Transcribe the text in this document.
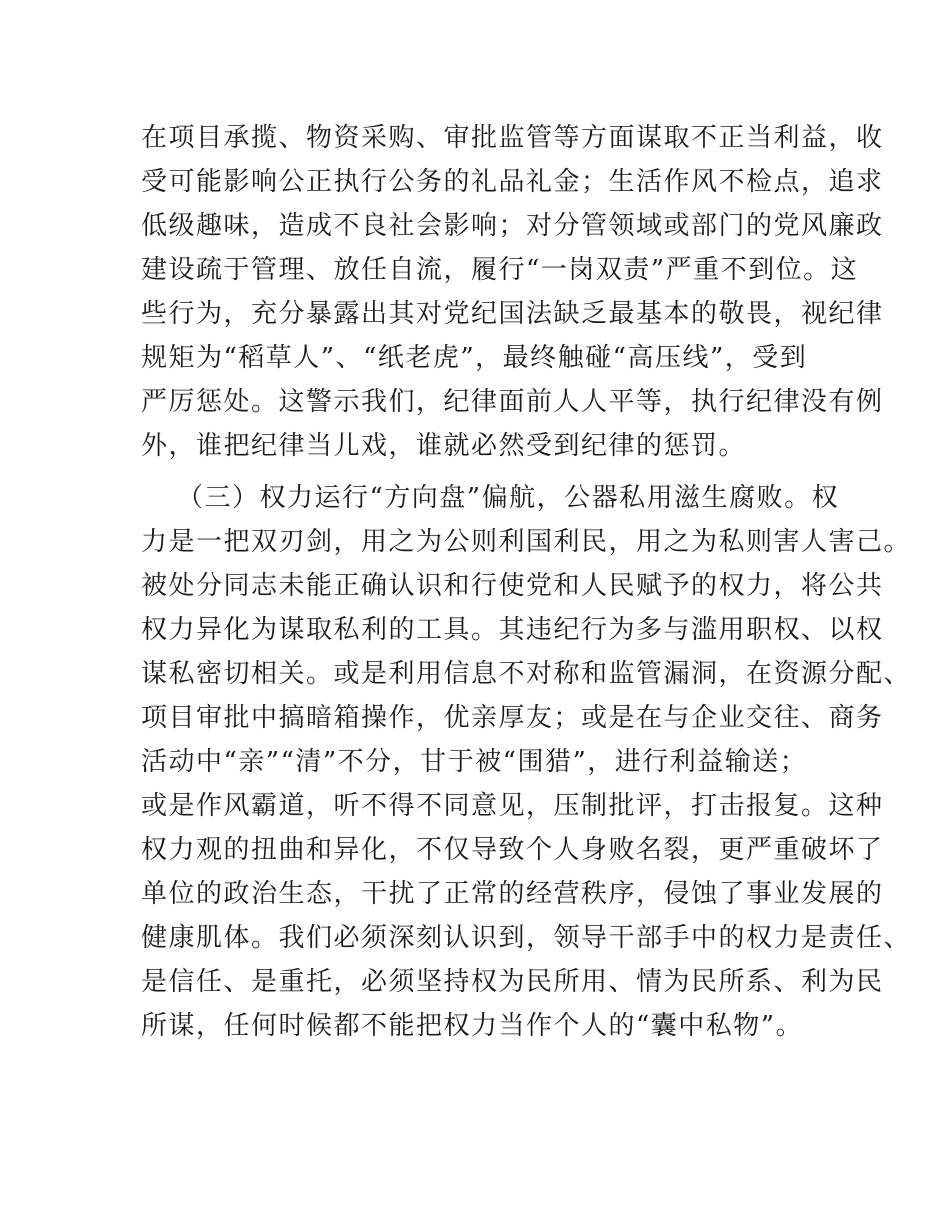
在项目承揽、物资采购、审批监管等方面谋取不正当利益，收
受可能影响公正执行公务的礼品礼金；生活作风不检点，追求
低级趣味，造成不良社会影响；对分管领域或部门的党风廉政
建设疏于管理、放任自流，履行“一岗双责”严重不到位。这
些行为，充分暴露出其对党纪国法缺乏最基本的敬畏，视纪律
规矩为“稻草人”、“纸老虎”，最终触碰“高压线”，受到
严厉惩处。这警示我们，纪律面前人人平等，执行纪律没有例
外，谁把纪律当儿戏，谁就必然受到纪律的惩罚。
（三）权力运行“方向盘”偏航，公器私用滋生腐败。权
力是一把双刃剑，用之为公则利国利民，用之为私则害人害己。
被处分同志未能正确认识和行使党和人民赋予的权力，将公共
权力异化为谋取私利的工具。其违纪行为多与滥用职权、以权
谋私密切相关。或是利用信息不对称和监管漏洞，在资源分配、
项目审批中搞暗箱操作，优亲厚友；或是在与企业交往、商务
活动中“亲”“清”不分，甘于被“围猎”，进行利益输送；
或是作风霸道，听不得不同意见，压制批评，打击报复。这种
权力观的扭曲和异化，不仅导致个人身败名裂，更严重破坏了
单位的政治生态，干扰了正常的经营秩序，侵蚀了事业发展的
健康肌体。我们必须深刻认识到，领导干部手中的权力是责任、
是信任、是重托，必须坚持权为民所用、情为民所系、利为民
所谋，任何时候都不能把权力当作个人的“囊中私物”。
